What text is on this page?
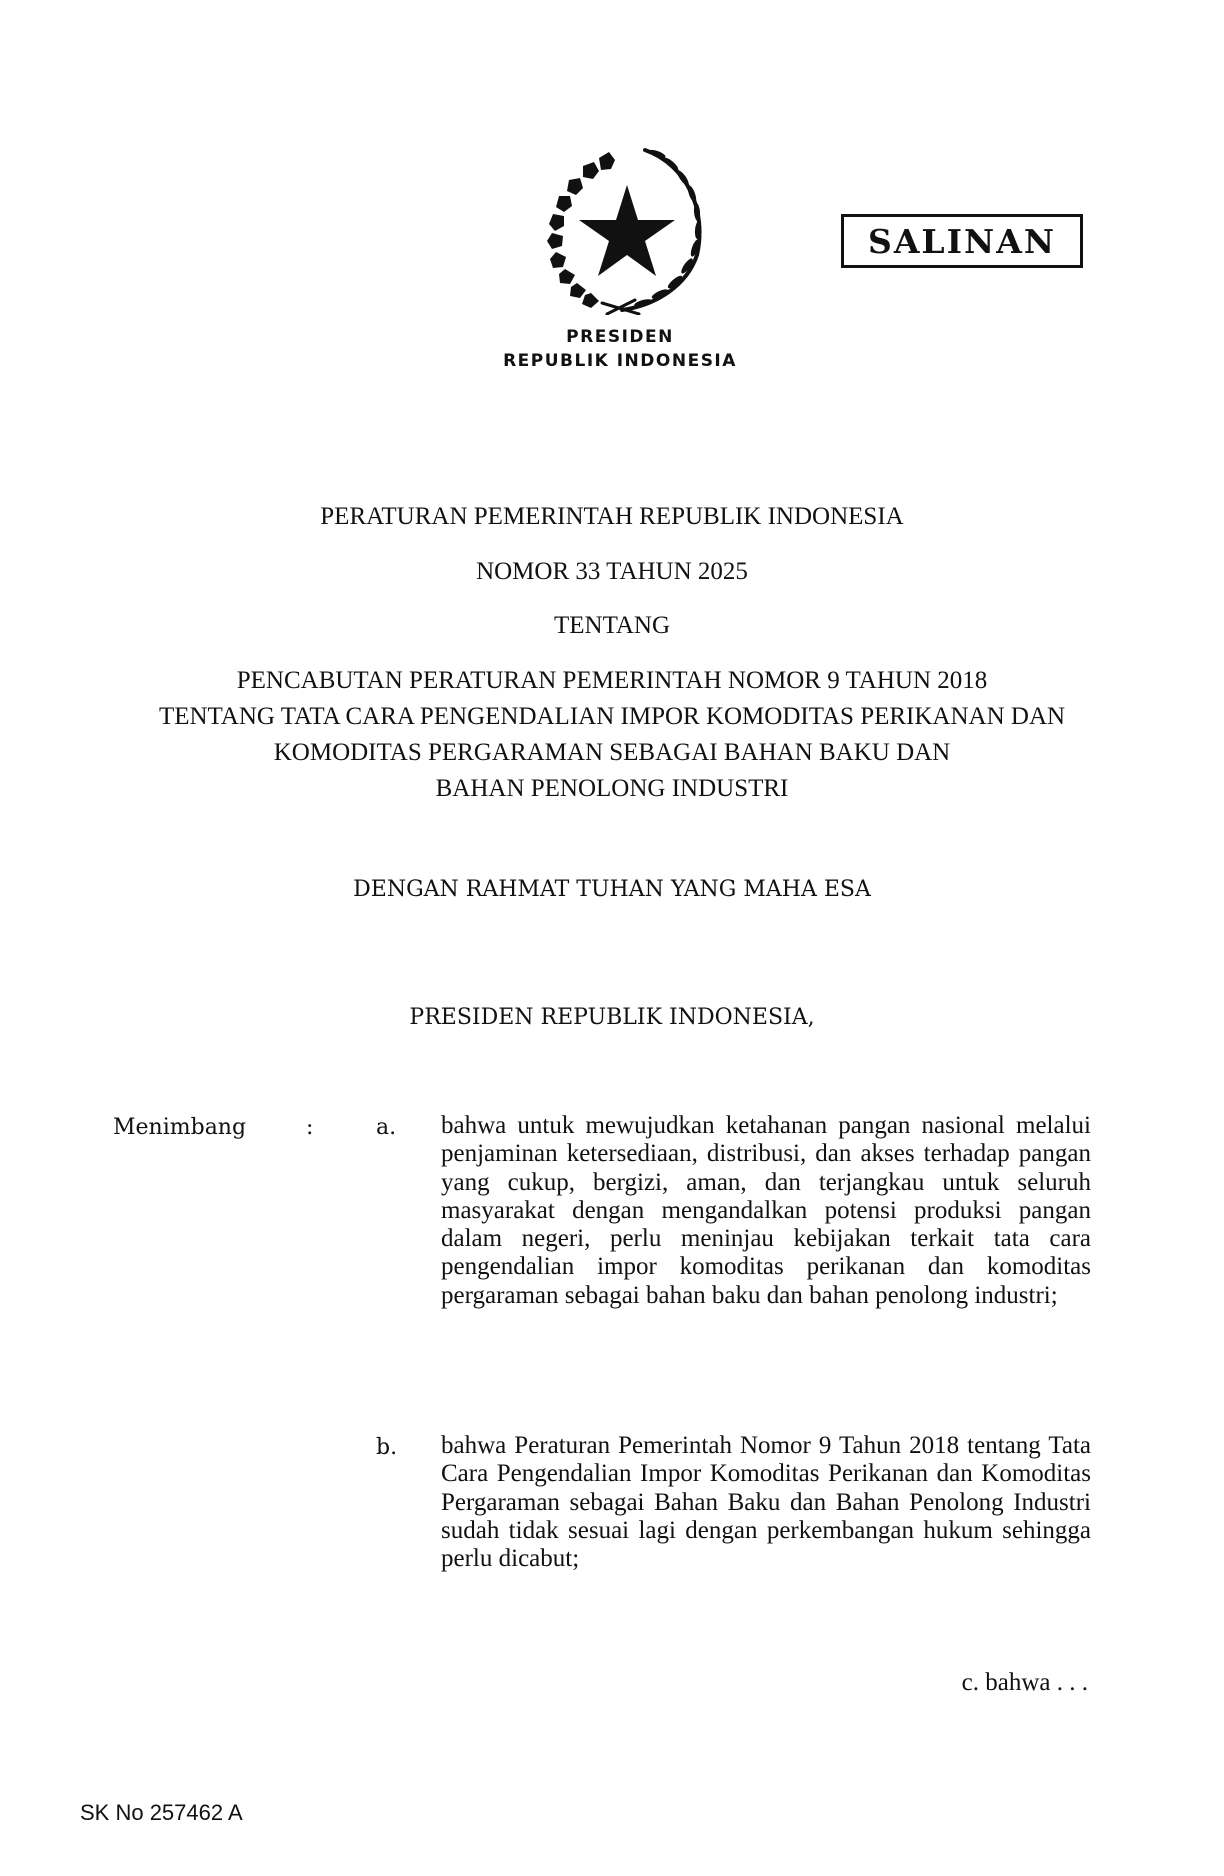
PRESIDEN
REPUBLIK INDONESIA
SALINAN
PERATURAN PEMERINTAH REPUBLIK INDONESIA
NOMOR 33 TAHUN 2025
TENTANG
PENCABUTAN PERATURAN PEMERINTAH NOMOR 9 TAHUN 2018
TENTANG TATA CARA PENGENDALIAN IMPOR KOMODITAS PERIKANAN DAN
KOMODITAS PERGARAMAN SEBAGAI BAHAN BAKU DAN
BAHAN PENOLONG INDUSTRI
DENGAN RAHMAT TUHAN YANG MAHA ESA
PRESIDEN REPUBLIK INDONESIA,
Menimbang	:	a. bahwa untuk mewujudkan ketahanan pangan nasional melalui penjaminan ketersediaan, distribusi, dan akses terhadap pangan yang cukup, bergizi, aman, dan terjangkau untuk seluruh masyarakat dengan mengandalkan potensi produksi pangan dalam negeri, perlu meninjau kebijakan terkait tata cara pengendalian impor komoditas perikanan dan komoditas pergaraman sebagai bahan baku dan bahan penolong industri;
b. bahwa Peraturan Pemerintah Nomor 9 Tahun 2018 tentang Tata Cara Pengendalian Impor Komoditas Perikanan dan Komoditas Pergaraman sebagai Bahan Baku dan Bahan Penolong Industri sudah tidak sesuai lagi dengan perkembangan hukum sehingga perlu dicabut;
c. bahwa . . .
SK No 257462 A
